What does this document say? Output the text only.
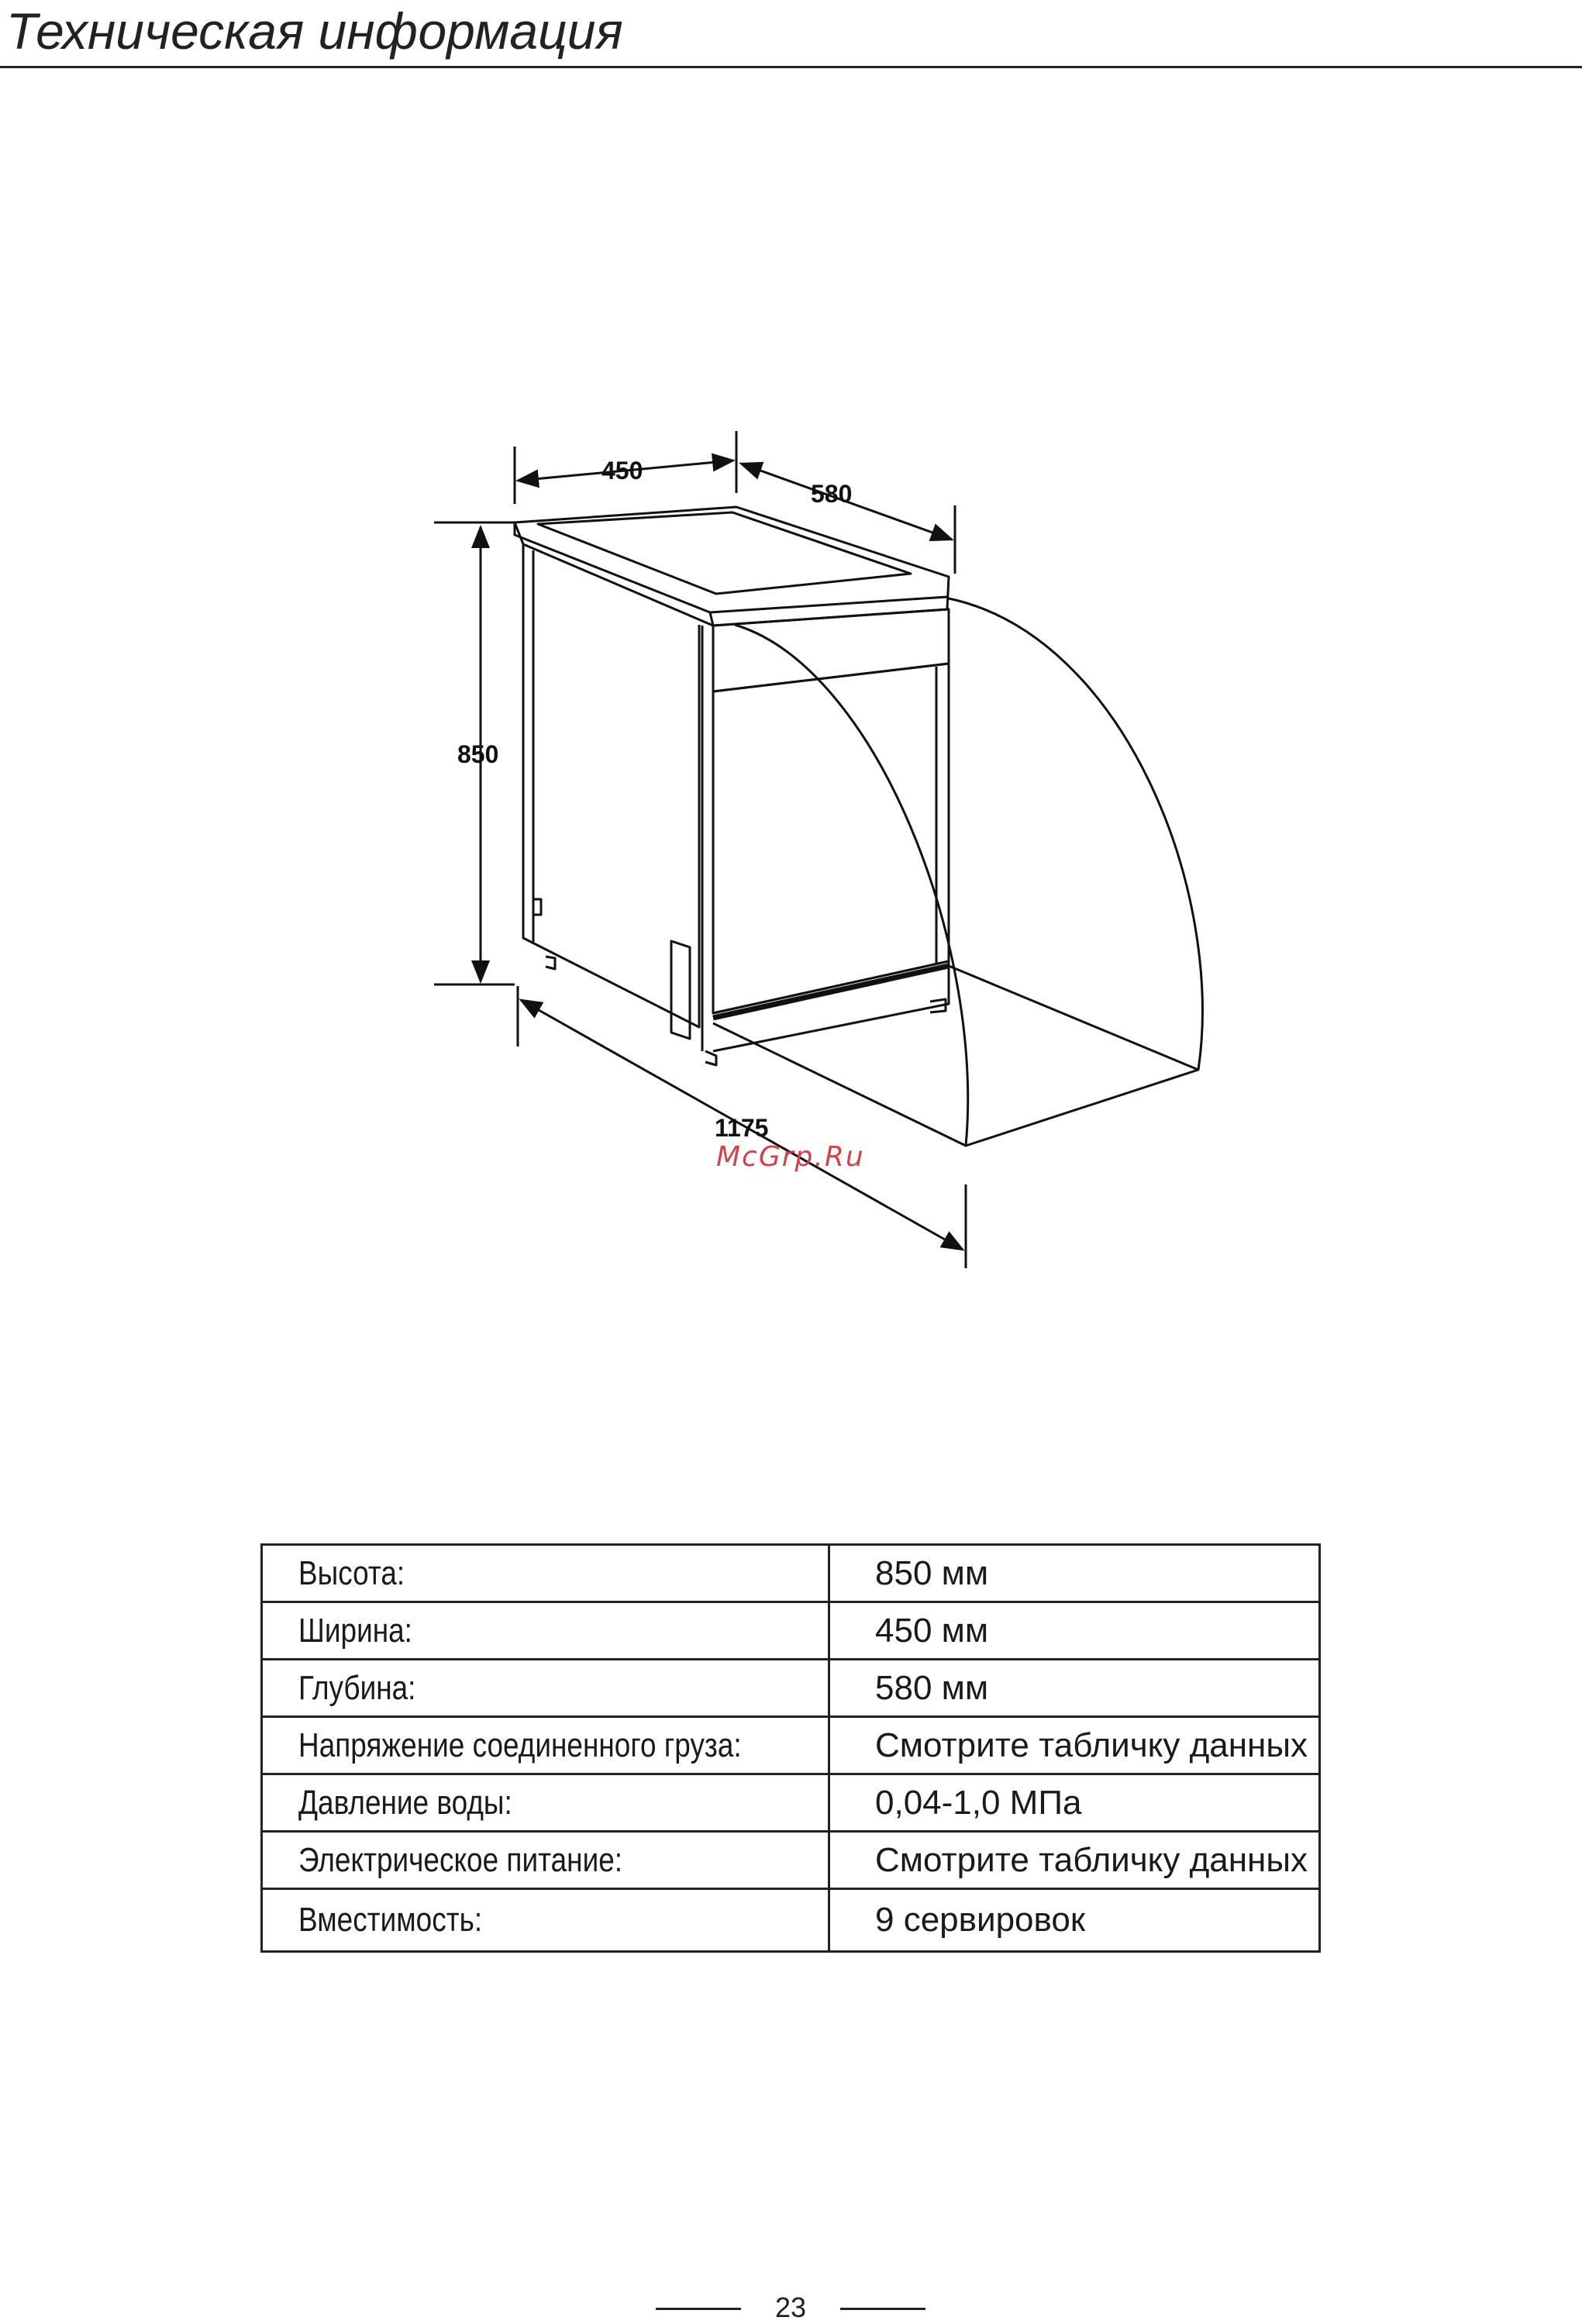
Техническая информация
450
580
850
1175
McGrp.Ru
Высота:	850 мм
Ширина:	450 мм
Глубина:	580 мм
Напряжение соединенного груза:	Смотрите табличку данных
Давление воды:	0,04-1,0 МПа
Электрическое питание:	Смотрите табличку данных
Вместимость:	9 сервировок
23
